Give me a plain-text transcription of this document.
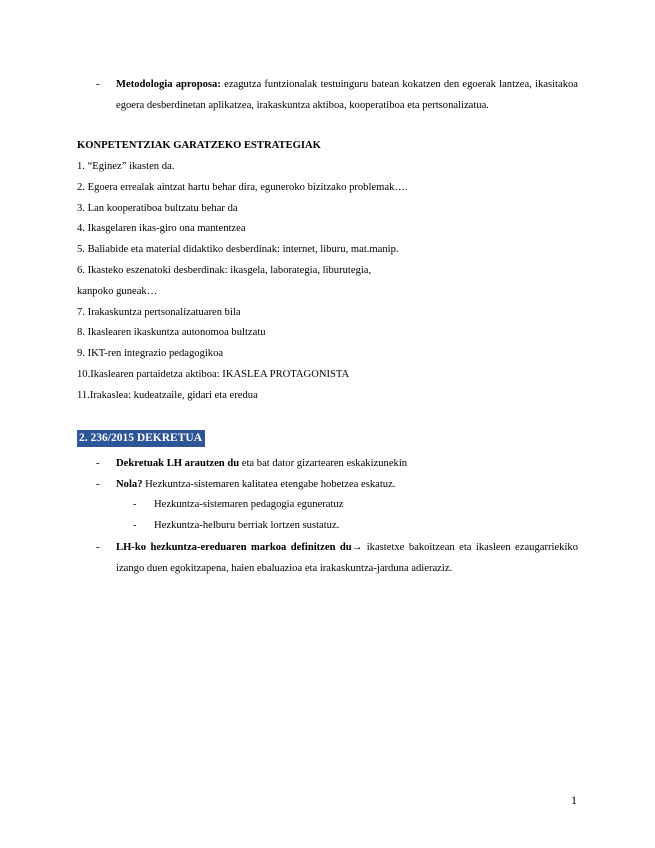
- Metodologia aproposa: ezagutza funtzionalak testuinguru batean kokatzen den egoerak lantzea, ikasitakoa egoera desberdinetan aplikatzea, irakaskuntza aktiboa, kooperatiboa eta pertsonalizatua.
KONPETENTZIAK GARATZEKO ESTRATEGIAK
1. “Eginez” ikasten da.
2. Egoera errealak aintzat hartu behar dira, eguneroko bizitzako problemak….
3. Lan kooperatiboa bultzatu behar da
4. Ikasgelaren ikas-giro ona mantentzea
5. Baliabide eta material didaktiko desberdinak: internet, liburu, mat.manip.
6. Ikasteko eszenatoki desberdinak: ikasgela, laborategia, liburutegia,
kanpoko guneak…
7. Irakaskuntza pertsonalizatuaren bila
8. Ikaslearen ikaskuntza autonomoa bultzatu
9. IKT-ren integrazio pedagogikoa
10.Ikaslearen partaidetza aktiboa: IKASLEA PROTAGONISTA
11.Irakaslea: kudeatzaile, gidari eta eredua
2. 236/2015 DEKRETUA
- Dekretuak LH arautzen du eta bat dator gizartearen eskakizunekin
- Nola? Hezkuntza-sistemaren kalitatea etengabe hobetzea eskatuz.
- Hezkuntza-sistemaren pedagogia eguneratuz
- Hezkuntza-helburu berriak lortzen sustatuz.
- LH-ko hezkuntza-ereduaren markoa definitzen du→ ikastetxe bakoitzean eta ikasleen ezaugarriekiko izango duen egokitzapena, haien ebaluazioa eta irakaskuntza-jarduna adieraziz.
1
